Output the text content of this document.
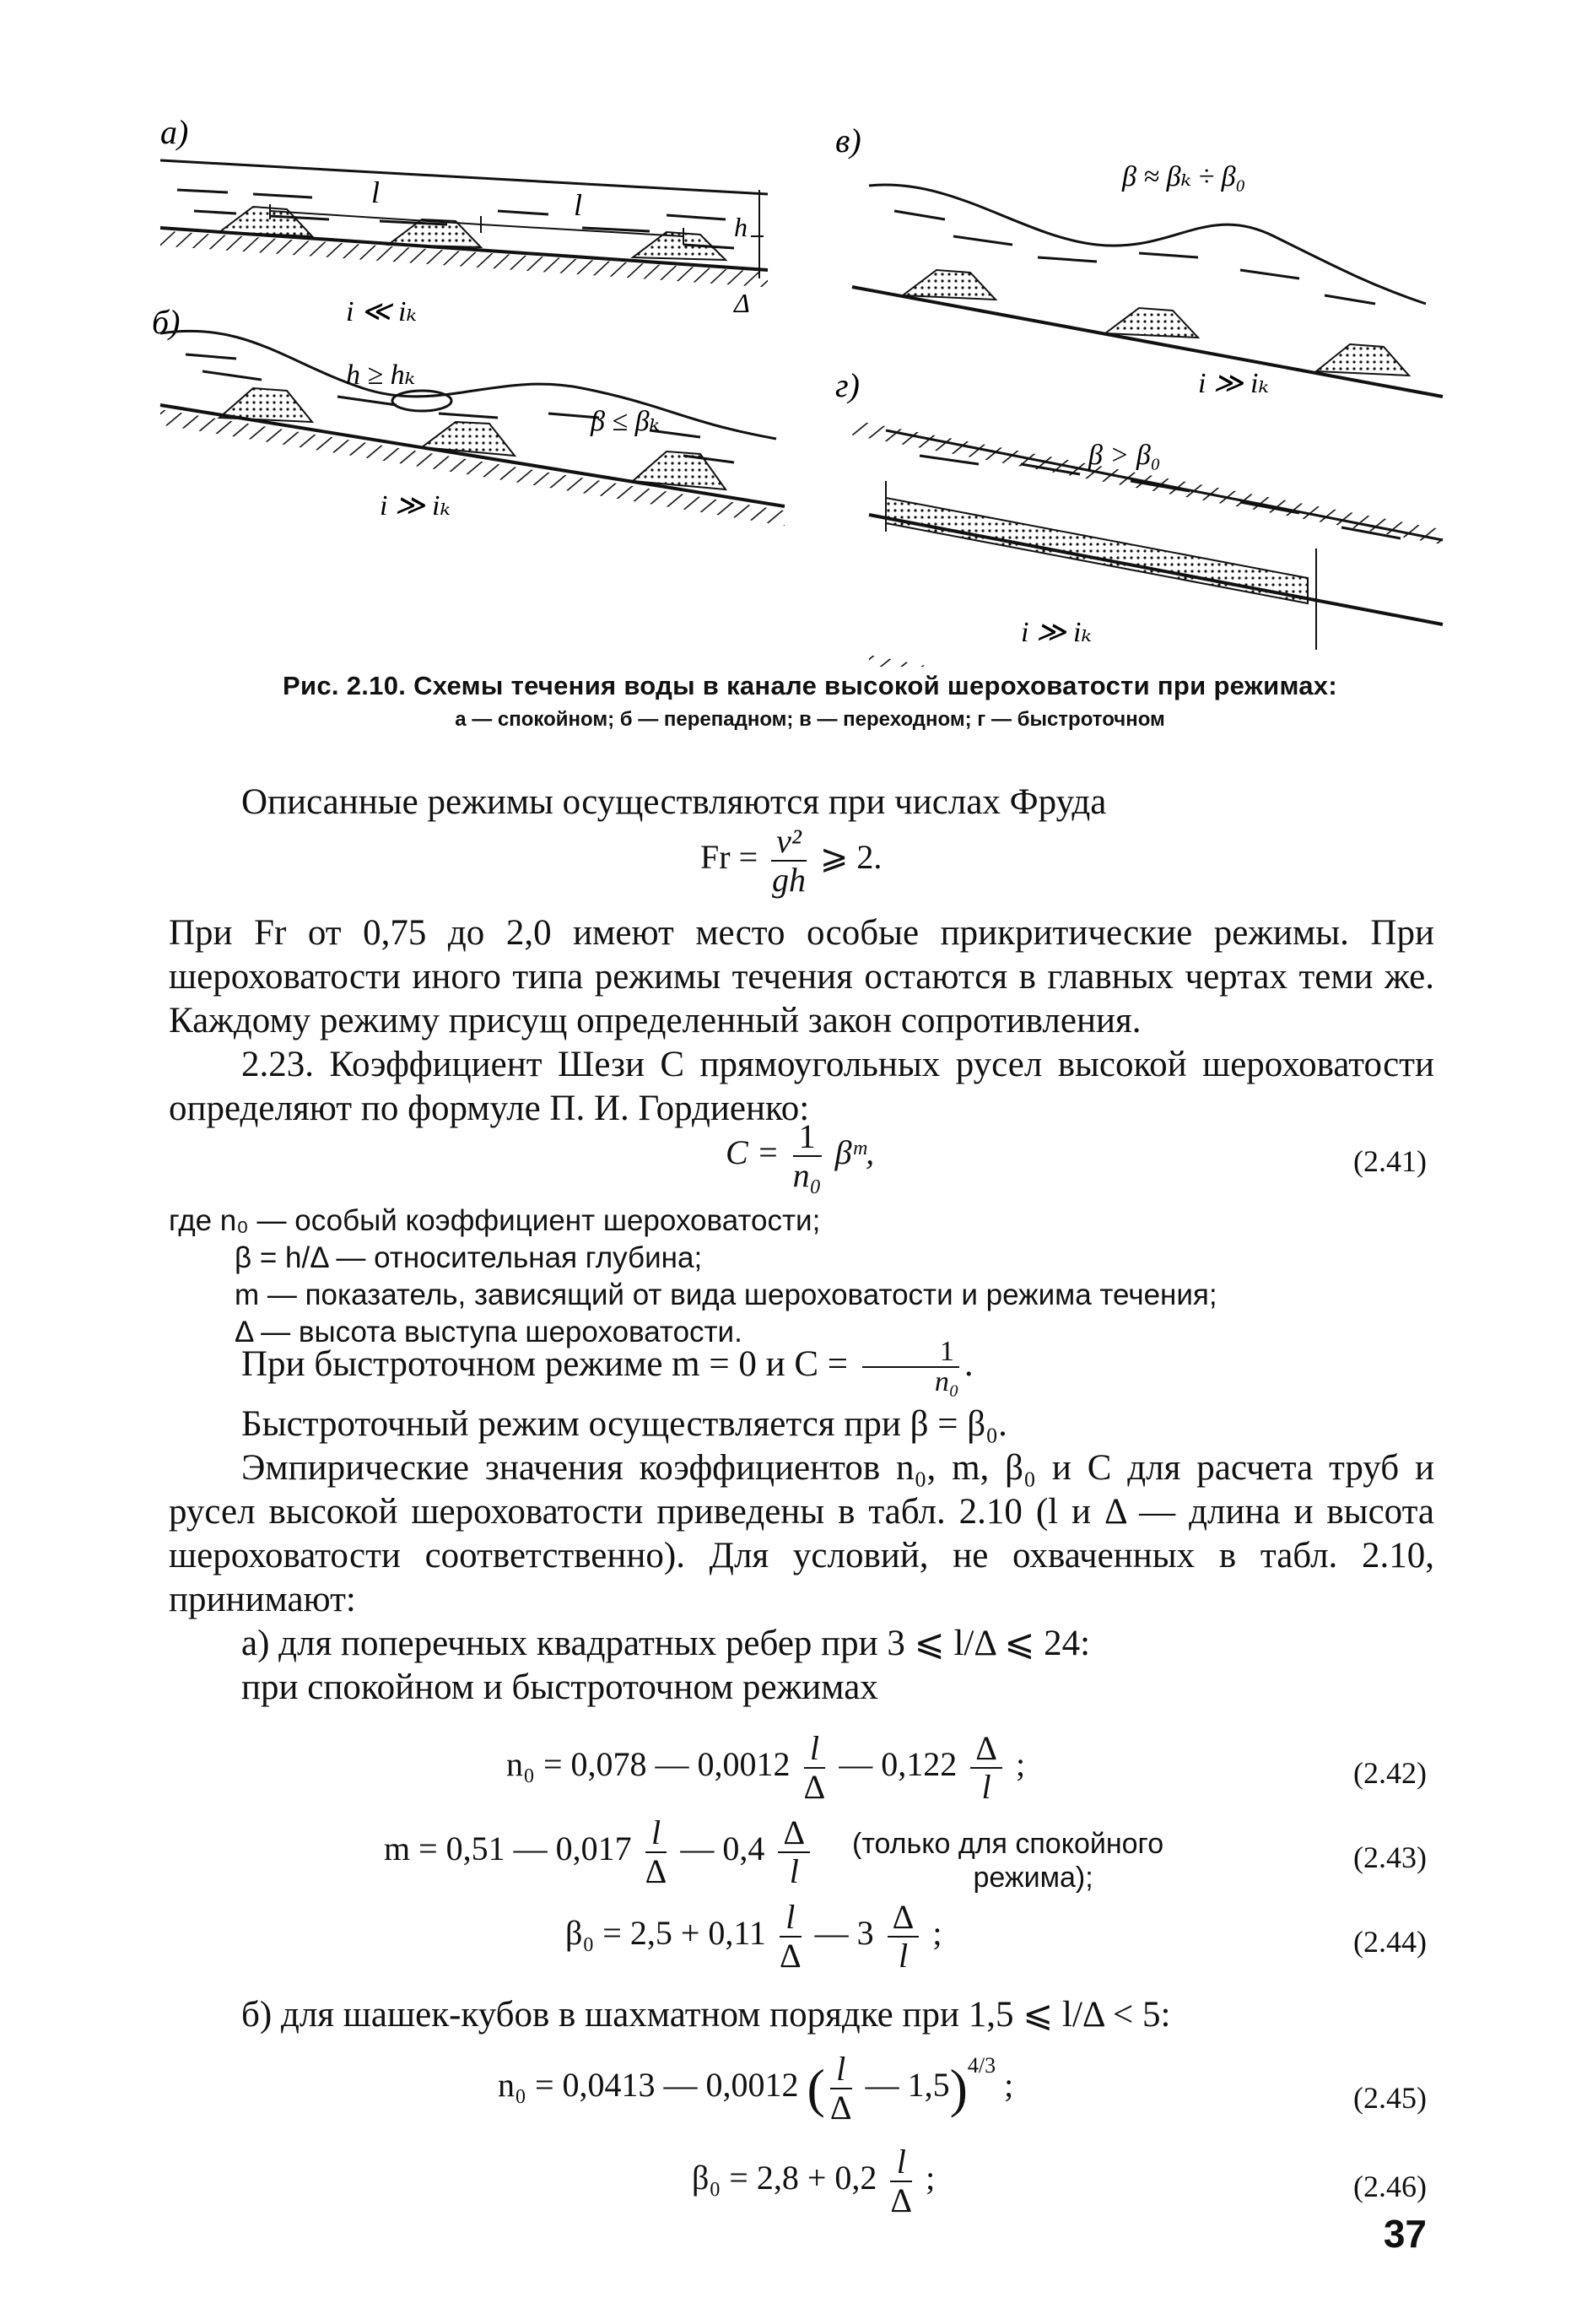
a)
l	l
h
Δ
i ≪ iₖ
б)
h ≥ hₖ
β ≤ βₖ
i ≫ iₖ
в)
β ≈ βₖ ÷ β₀
i ≫ iₖ
г)
β > β₀
i ≫ iₖ
Рис. 2.10. Схемы течения воды в канале высокой шероховатости при режимах:
а — спокойном; б — перепадном; в — переходном; г — быстроточном
Описанные режимы осуществляются при числах Фруда
$Fr = \frac{\text{v²}}{gh}$ ⩾ 2.
При Fr от 0,75 до 2,0 имеют место особые прикритические режимы. При шероховатости иного типа режимы течения остаются в главных чертах теми же. Каждому режиму присущ определенный закон сопротивления.
2.23. Коэффициент Шези C прямоугольных русел высокой шероховатости определяют по формуле П. И. Гордиенко:
$C = \frac{1}{\text{n₀}}$ βᵐ,	(2.41)
где n₀ — особый коэффициент шероховатости;
β = h/Δ — относительная глубина;
m — показатель, зависящий от вида шероховатости и режима течения;
Δ — высота выступа шероховатости.
При быстроточном режиме m = 0 и $C = \frac{1}{\text{n₀}}$ .
Быстроточный режим осуществляется при β = β₀.
Эмпирические значения коэффициентов n₀, m, β₀ и C для расчета труб и русел высокой шероховатости приведены в табл. 2.10 (l и Δ — длина и высота шероховатости соответственно). Для условий, не охваченных в табл. 2.10, принимают:
а) для поперечных квадратных ребер при 3 ⩽ l/Δ ⩽ 24:
при спокойном и быстроточном режимах
n₀ = 0,078 — $0,0012 \frac{l}{\Delta}$ — $0,122 \frac{\Delta}{l}$ ;	(2.42)
m = 0,51 — $0,017 \frac{l}{\Delta}$ — $0,4 \frac{\Delta}{l}$ (только для спокойного
режима);
(2.43)
$\beta_0 = 2,5 + 0,11 \frac{l}{\Delta}$ — $3 \frac{\Delta}{l}$ ;	(2.44)
б) для шашек-кубов в шахматном порядке при 1,5 ⩽ l/Δ < 5:
n₀ = 0,0413 — 0,0012 ( $\frac{l}{\Delta}$ — 1,5)$^{4/3}$ ;	(2.45)
$\beta_0 = 2,8 + 0,2 \frac{l}{\Delta}$ ;	(2.46)
37
